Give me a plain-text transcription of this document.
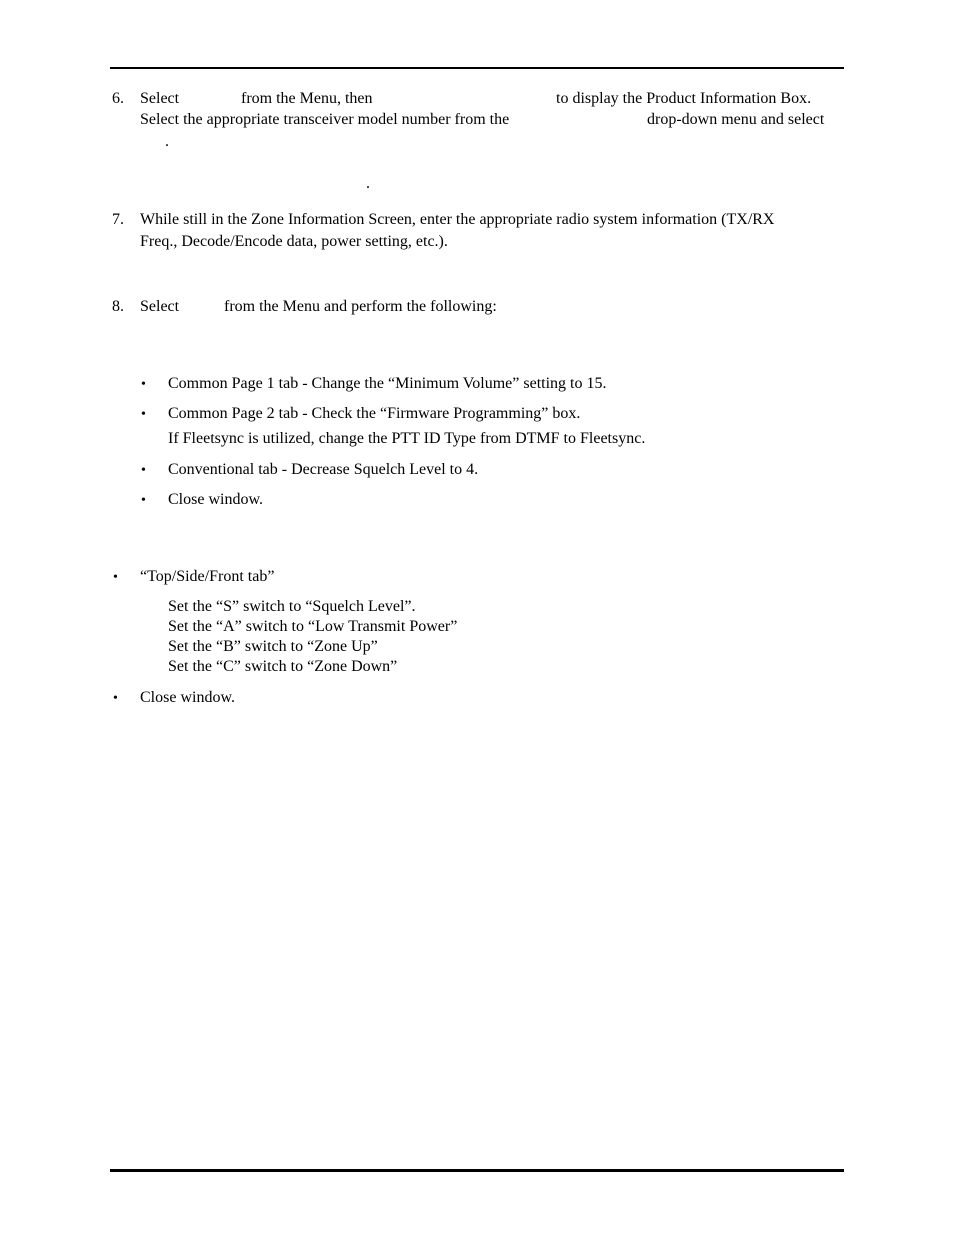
6. Select	from the Menu, then	to display the Product Information Box.
Select the appropriate transceiver model number from the	drop-down menu and select
.
.
7. While still in the Zone Information Screen, enter the appropriate radio system information (TX/RX
Freq., Decode/Encode data, power setting, etc.).
8. Select	from the Menu and perform the following:
• Common Page 1 tab - Change the “Minimum Volume” setting to 15.
• Common Page 2 tab - Check the “Firmware Programming” box.
If Fleetsync is utilized, change the PTT ID Type from DTMF to Fleetsync.
• Conventional tab - Decrease Squelch Level to 4.
• Close window.
• “Top/Side/Front tab”
Set the “S” switch to “Squelch Level”.
Set the “A” switch to “Low Transmit Power”
Set the “B” switch to “Zone Up”
Set the “C” switch to “Zone Down”
• Close window.
